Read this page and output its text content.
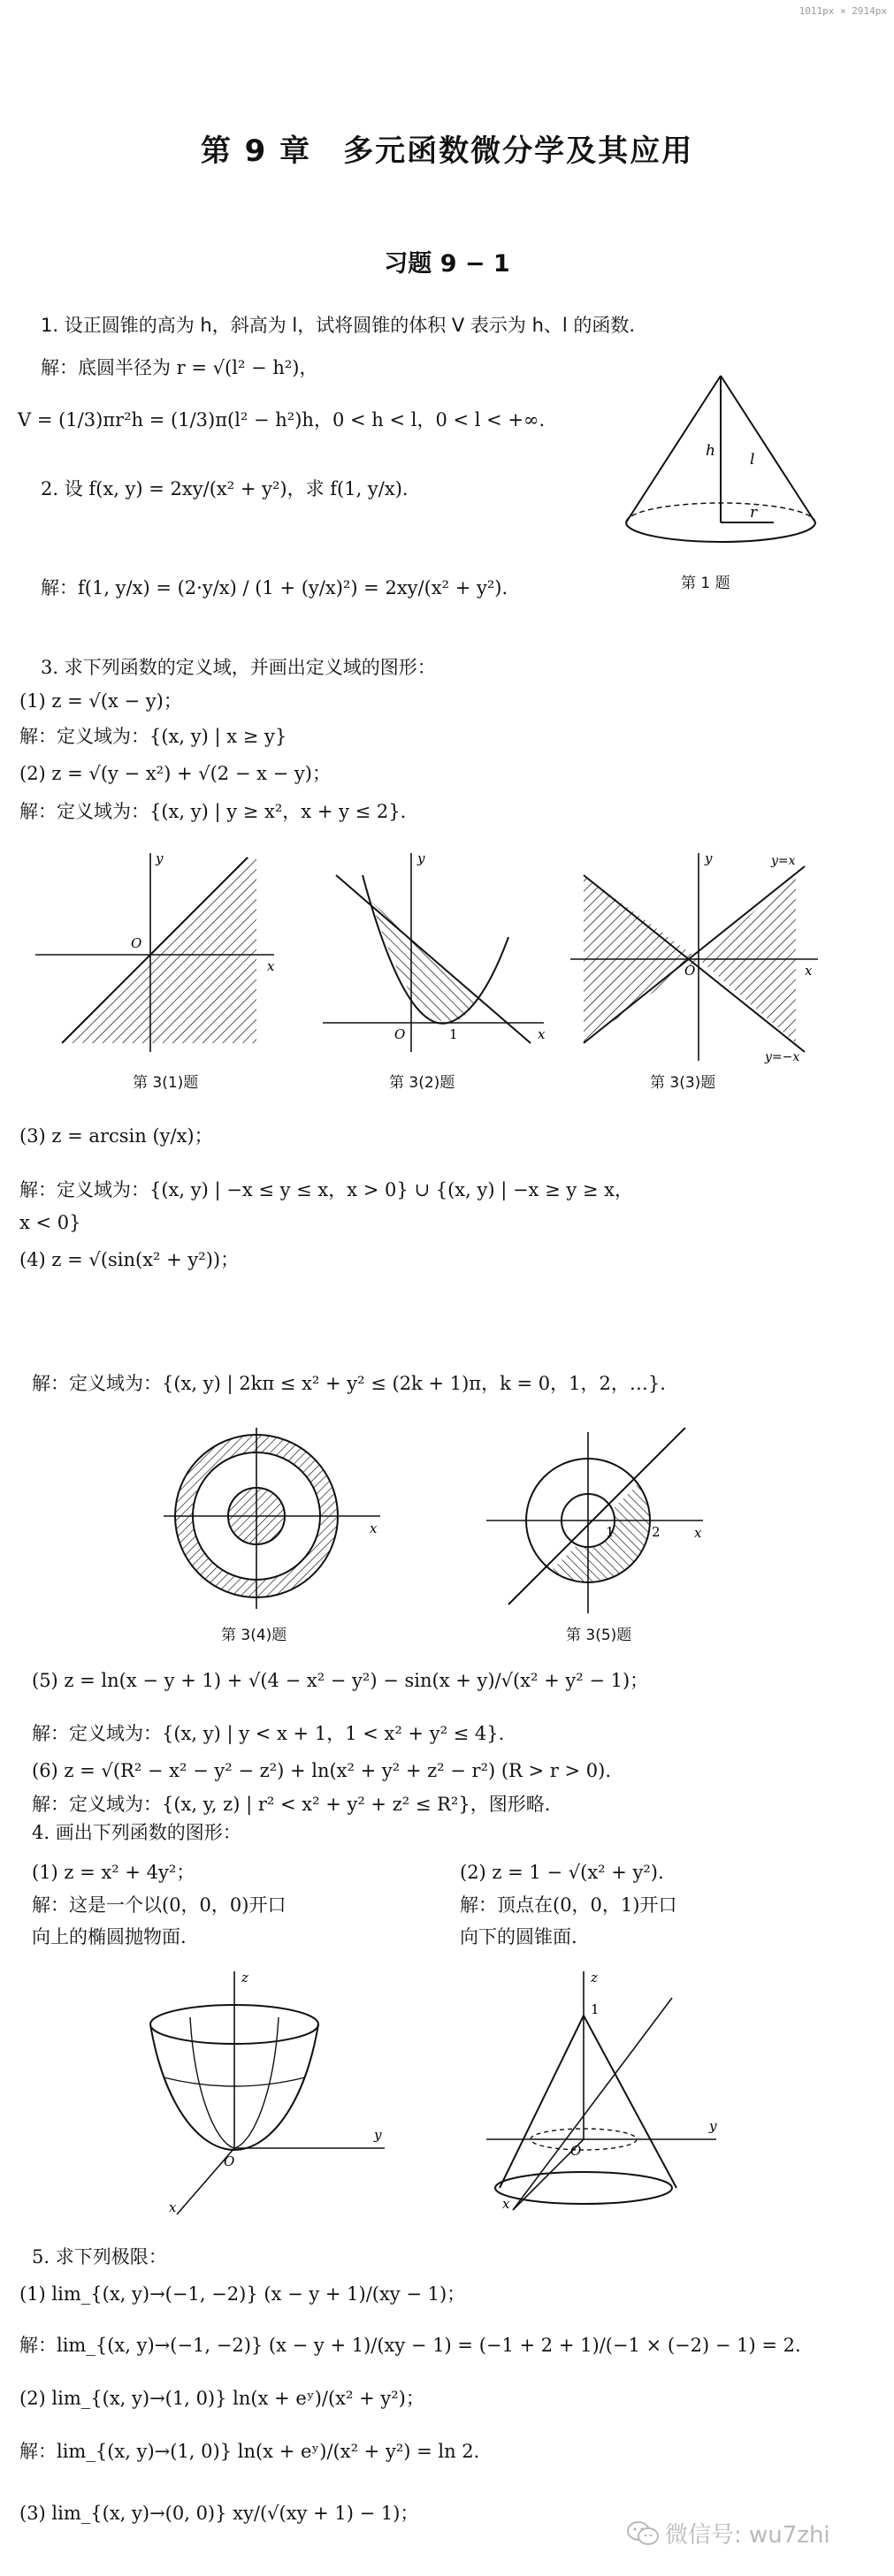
1011px × 2914px
第 9 章　多元函数微分学及其应用
习题 9 − 1
1. 设正圆锥的高为 h，斜高为 l，试将圆锥的体积 V 表示为 h、l 的函数.
解：底圆半径为 r = √(l² − h²)，
V = (1/3)πr²h = (1/3)π(l² − h²)h，0 < h < l，0 < l < +∞.
h l
r
第 1 题
2. 设 f(x, y) = 2xy/(x² + y²)，求 f(1, y/x).
解：f(1, y/x) = (2·y/x) / (1 + (y/x)²) = 2xy/(x² + y²).
3. 求下列函数的定义域，并画出定义域的图形：
(1) z = √(x − y)；
解：定义域为：{(x, y) | x ≥ y}
(2) z = √(y − x²) + √(2 − x − y)；
解：定义域为：{(x, y) | y ≥ x²，x + y ≤ 2}.
x
y
O
第 3(1)题
x
y
O	1
第 3(2)题
x
y
O
y=x
y=−x
第 3(3)题
(3) z = arcsin (y/x)；
解：定义域为：{(x, y) | −x ≤ y ≤ x，x > 0} ∪ {(x, y) | −x ≥ y ≥ x，
x < 0}
(4) z = √(sin(x² + y²))；
解：定义域为：{(x, y) | 2kπ ≤ x² + y² ≤ (2k + 1)π，k = 0，1，2，…}.
x
第 3(4)题
x
1	2
第 3(5)题
(5) z = ln(x − y + 1) + √(4 − x² − y²) − sin(x + y)/√(x² + y² − 1)；
解：定义域为：{(x, y) | y < x + 1，1 < x² + y² ≤ 4}.
(6) z = √(R² − x² − y² − z²) + ln(x² + y² + z² − r²) (R > r > 0).
解：定义域为：{(x, y, z) | r² < x² + y² + z² ≤ R²}，图形略.
4. 画出下列函数的图形：
(1) z = x² + 4y²；
解：这是一个以(0，0，0)开口
向上的椭圆抛物面.
(2) z = 1 − √(x² + y²).
解：顶点在(0，0，1)开口
向下的圆锥面.
z
y
x
O
z
y
x
1
O
5. 求下列极限：
(1) lim_{(x, y)→(−1, −2)} (x − y + 1)/(xy − 1)；
解：lim_{(x, y)→(−1, −2)} (x − y + 1)/(xy − 1) = (−1 + 2 + 1)/(−1 × (−2) − 1) = 2.
(2) lim_{(x, y)→(1, 0)} ln(x + eʸ)/(x² + y²)；
解：lim_{(x, y)→(1, 0)} ln(x + eʸ)/(x² + y²) = ln 2.
(3) lim_{(x, y)→(0, 0)} xy/(√(xy + 1) − 1)；
微信号: wu7zhi
